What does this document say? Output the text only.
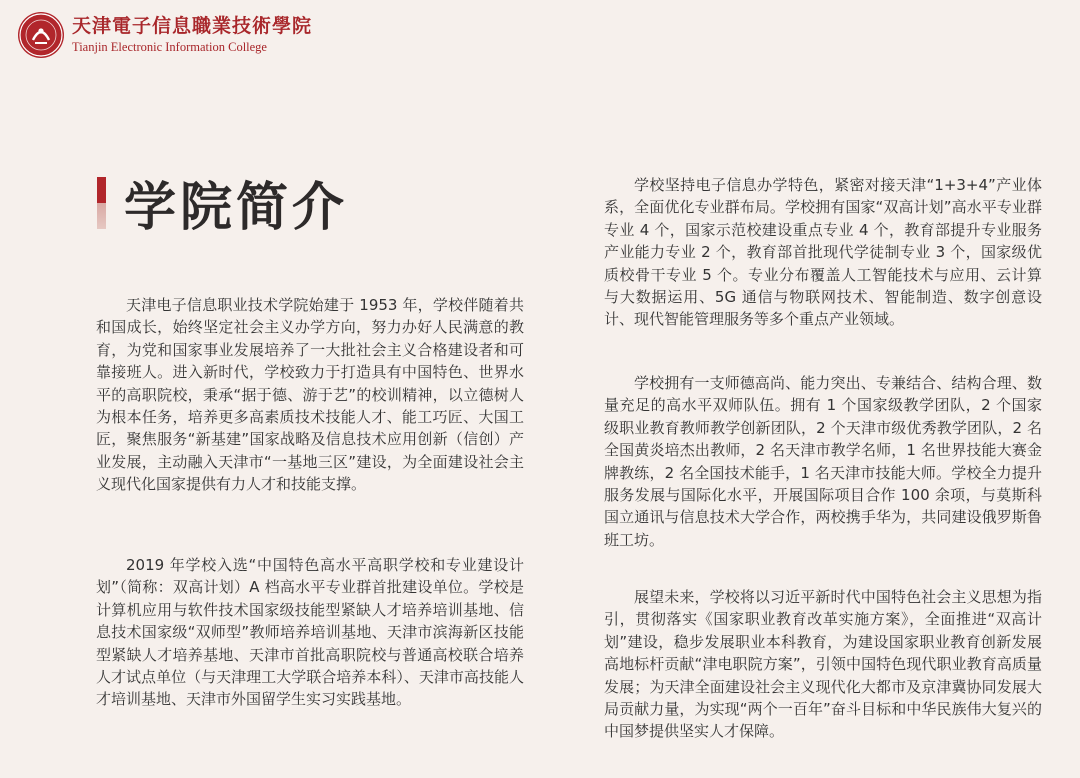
天津電子信息職業技術學院
Tianjin Electronic Information College
学院简介

天津电子信息职业技术学院始建于 1953 年，学校伴随着共和国成长，始终坚定社会主义办学方向，努力办好人民满意的教育，为党和国家事业发展培养了一大批社会主义合格建设者和可靠接班人。进入新时代，学校致力于打造具有中国特色、世界水平的高职院校，秉承“据于德、游于艺”的校训精神，以立德树人为根本任务，培养更多高素质技术技能人才、能工巧匠、大国工匠，聚焦服务“新基建”国家战略及信息技术应用创新（信创）产业发展，主动融入天津市“一基地三区”建设，为全面建设社会主义现代化国家提供有力人才和技能支撑。

2019 年学校入选“中国特色高水平高职学校和专业建设计划”（简称：双高计划）A 档高水平专业群首批建设单位。学校是计算机应用与软件技术国家级技能型紧缺人才培养培训基地、信息技术国家级“双师型”教师培养培训基地、天津市滨海新区技能型紧缺人才培养基地、天津市首批高职院校与普通高校联合培养人才试点单位（与天津理工大学联合培养本科）、天津市高技能人才培训基地、天津市外国留学生实习实践基地。

学校坚持电子信息办学特色，紧密对接天津“1+3+4”产业体系，全面优化专业群布局。学校拥有国家“双高计划”高水平专业群专业 4 个，国家示范校建设重点专业 4 个，教育部提升专业服务产业能力专业 2 个，教育部首批现代学徒制专业 3 个，国家级优质校骨干专业 5 个。专业分布覆盖人工智能技术与应用、云计算与大数据运用、5G 通信与物联网技术、智能制造、数字创意设计、现代智能管理服务等多个重点产业领域。

学校拥有一支师德高尚、能力突出、专兼结合、结构合理、数量充足的高水平双师队伍。拥有 1 个国家级教学团队，2 个国家级职业教育教师教学创新团队，2 个天津市级优秀教学团队，2 名全国黄炎培杰出教师，2 名天津市教学名师，1 名世界技能大赛金牌教练，2 名全国技术能手，1 名天津市技能大师。学校全力提升服务发展与国际化水平，开展国际项目合作 100 余项，与莫斯科国立通讯与信息技术大学合作，两校携手华为，共同建设俄罗斯鲁班工坊。

展望未来，学校将以习近平新时代中国特色社会主义思想为指引，贯彻落实《国家职业教育改革实施方案》，全面推进“双高计划”建设，稳步发展职业本科教育，为建设国家职业教育创新发展高地标杆贡献“津电职院方案”，引领中国特色现代职业教育高质量发展；为天津全面建设社会主义现代化大都市及京津冀协同发展大局贡献力量，为实现“两个一百年”奋斗目标和中华民族伟大复兴的中国梦提供坚实人才保障。
